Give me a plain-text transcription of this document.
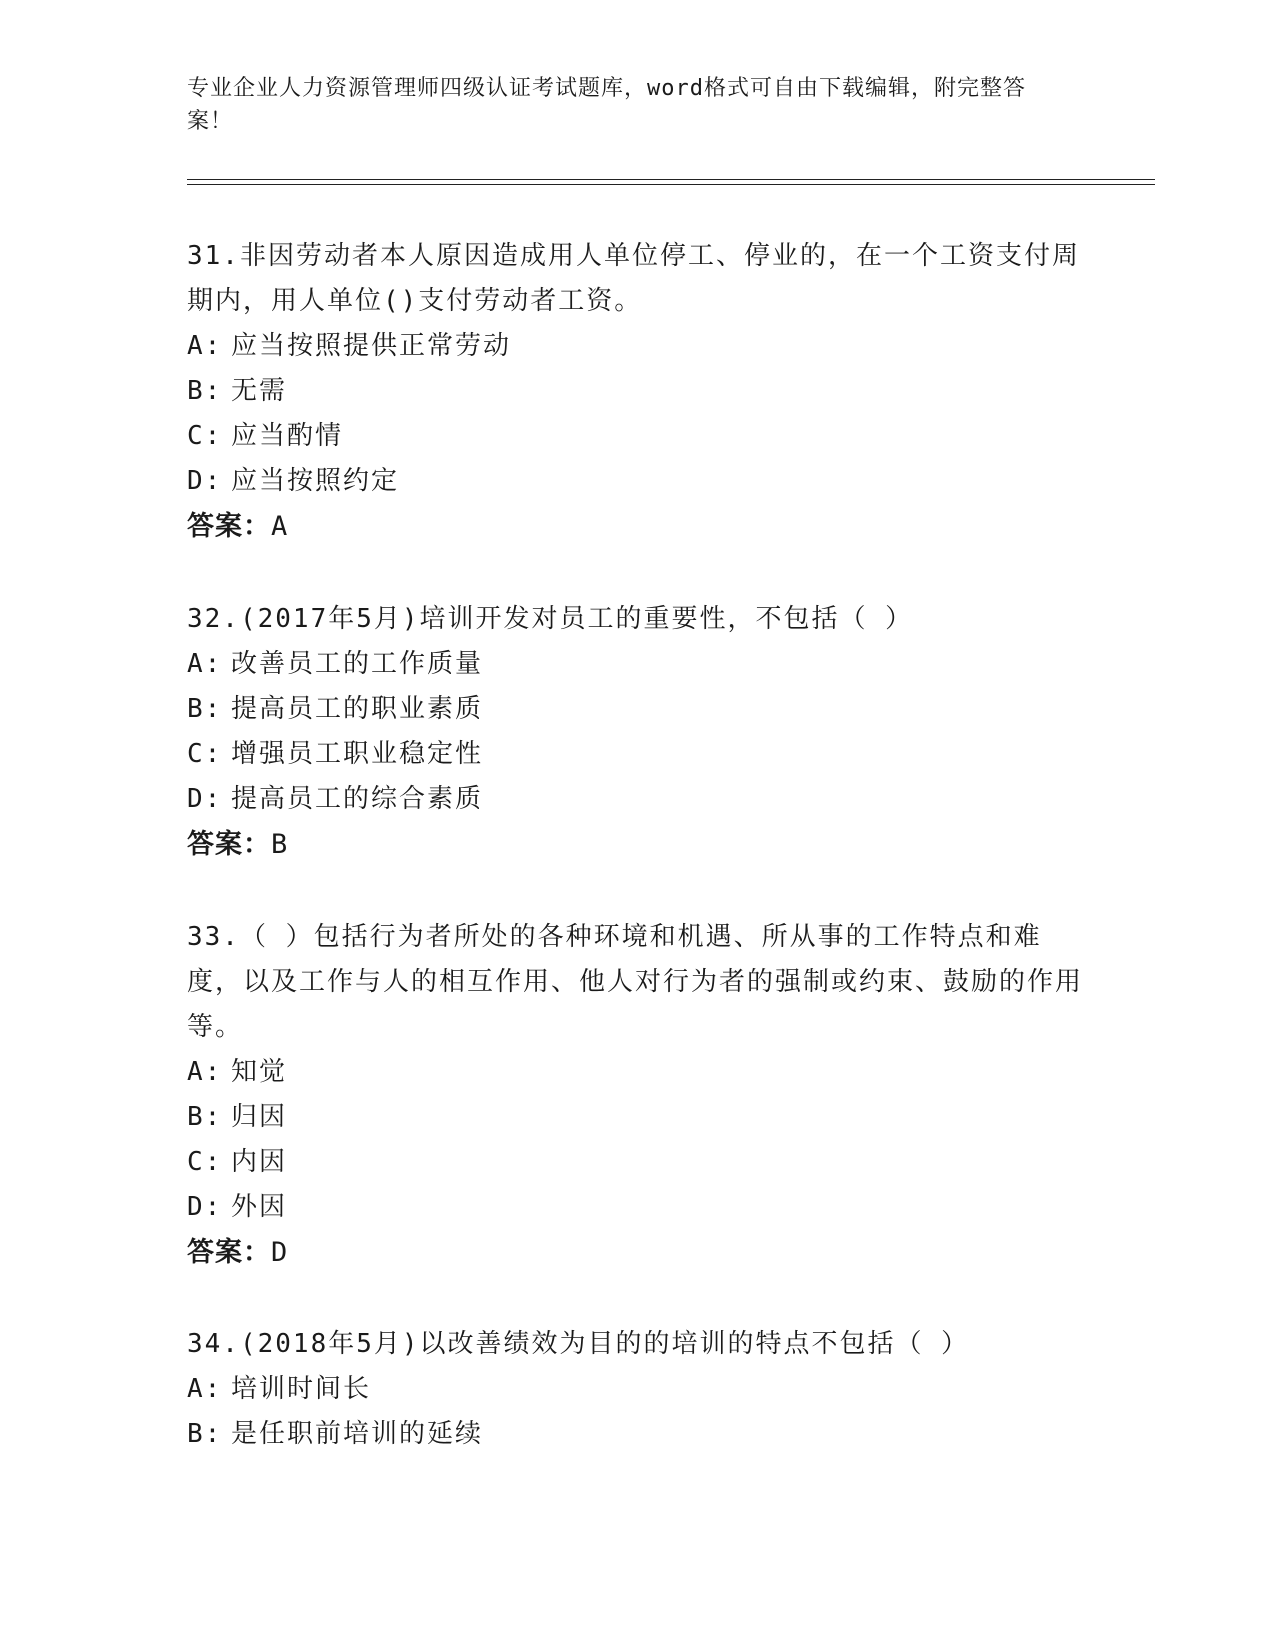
专业企业人力资源管理师四级认证考试题库，word格式可自由下载编辑，附完整答案！

31.非因劳动者本人原因造成用人单位停工、停业的，在一个工资支付周期内，用人单位()支付劳动者工资。

A: 应当按照提供正常劳动
B: 无需
C: 应当酌情
D: 应当按照约定
答案：A

32.(2017年5月)培训开发对员工的重要性，不包括（ ）

A: 改善员工的工作质量
B: 提高员工的职业素质
C: 增强员工职业稳定性
D: 提高员工的综合素质
答案：B

33.（ ）包括行为者所处的各种环境和机遇、所从事的工作特点和难度，以及工作与人的相互作用、他人对行为者的强制或约束、鼓励的作用等。

A: 知觉
B: 归因
C: 内因
D: 外因
答案：D

34.(2018年5月)以改善绩效为目的的培训的特点不包括（ ）

A: 培训时间长
B: 是任职前培训的延续
